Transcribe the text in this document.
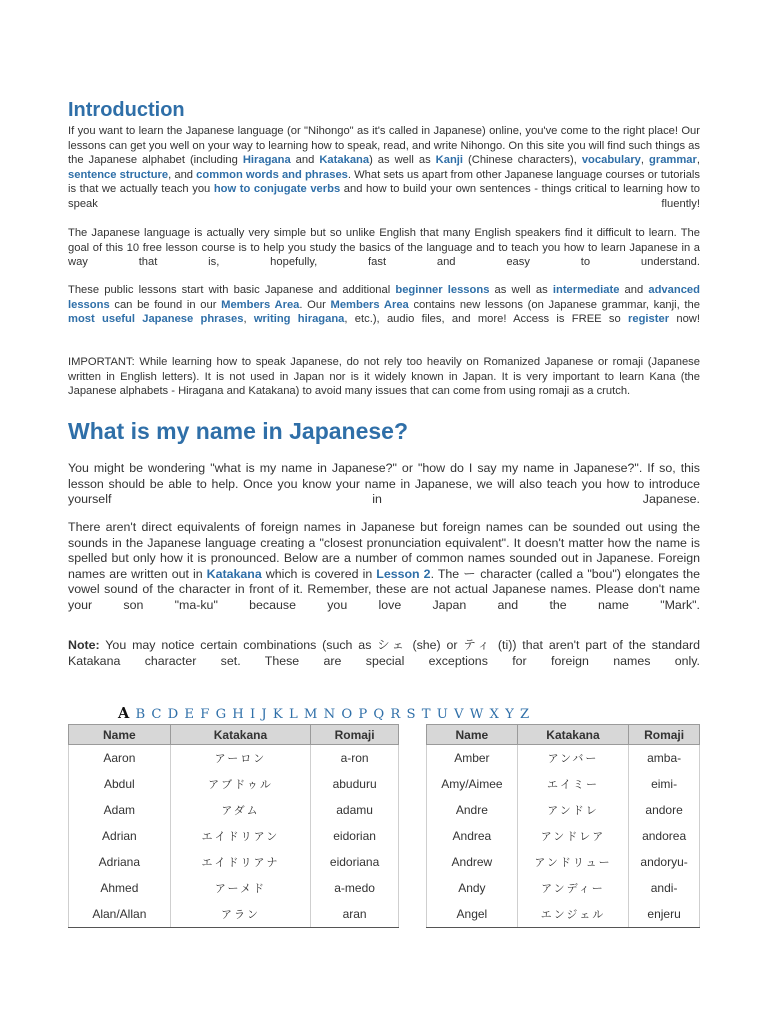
Introduction

If you want to learn the Japanese language (or "Nihongo" as it's called in Japanese) online, you've come to the right place! Our lessons can get you well on your way to learning how to speak, read, and write Nihongo. On this site you will find such things as the Japanese alphabet (including Hiragana and Katakana) as well as Kanji (Chinese characters), vocabulary, grammar, sentence structure, and common words and phrases. What sets us apart from other Japanese language courses or tutorials is that we actually teach you how to conjugate verbs and how to build your own sentences - things critical to learning how to speak fluently!

The Japanese language is actually very simple but so unlike English that many English speakers find it difficult to learn. The goal of this 10 free lesson course is to help you study the basics of the language and to teach you how to learn Japanese in a way that is, hopefully, fast and easy to understand.

These public lessons start with basic Japanese and additional beginner lessons as well as intermediate and advanced lessons can be found in our Members Area. Our Members Area contains new lessons (on Japanese grammar, kanji, the most useful Japanese phrases, writing hiragana, etc.), audio files, and more! Access is FREE so register now!

IMPORTANT: While learning how to speak Japanese, do not rely too heavily on Romanized Japanese or romaji (Japanese written in English letters). It is not used in Japan nor is it widely known in Japan. It is very important to learn Kana (the Japanese alphabets - Hiragana and Katakana) to avoid many issues that can come from using romaji as a crutch.

What is my name in Japanese?

You might be wondering "what is my name in Japanese?" or "how do I say my name in Japanese?". If so, this lesson should be able to help. Once you know your name in Japanese, we will also teach you how to introduce yourself in Japanese.

There aren't direct equivalents of foreign names in Japanese but foreign names can be sounded out using the sounds in the Japanese language creating a "closest pronunciation equivalent". It doesn't matter how the name is spelled but only how it is pronounced. Below are a number of common names sounded out in Japanese. Foreign names are written out in Katakana which is covered in Lesson 2. The ー character (called a "bou") elongates the vowel sound of the character in front of it. Remember, these are not actual Japanese names. Please don't name your son "ma-ku" because you love Japan and the name "Mark".

Note: You may notice certain combinations (such as シェ (she) or ティ (ti)) that aren't part of the standard Katakana character set. These are special exceptions for foreign names only.

A B C D E F G H I J K L M N O P Q R S T U V W X Y Z
Name	Katakana	Romaji
Aaron	アーロン	a-ron
Abdul	アブドゥル	abuduru
Adam	アダム	adamu
Adrian	エイドリアン	eidorian
Adriana	エイドリアナ	eidoriana
Ahmed	アーメド	a-medo
Alan/Allan	アラン	aran
Name	Katakana	Romaji
Amber	アンバー	amba-
Amy/Aimee	エイミー	eimi-
Andre	アンドレ	andore
Andrea	アンドレア	andorea
Andrew	アンドリュー	andoryu-
Andy	アンディー	andi-
Angel	エンジェル	enjeru
